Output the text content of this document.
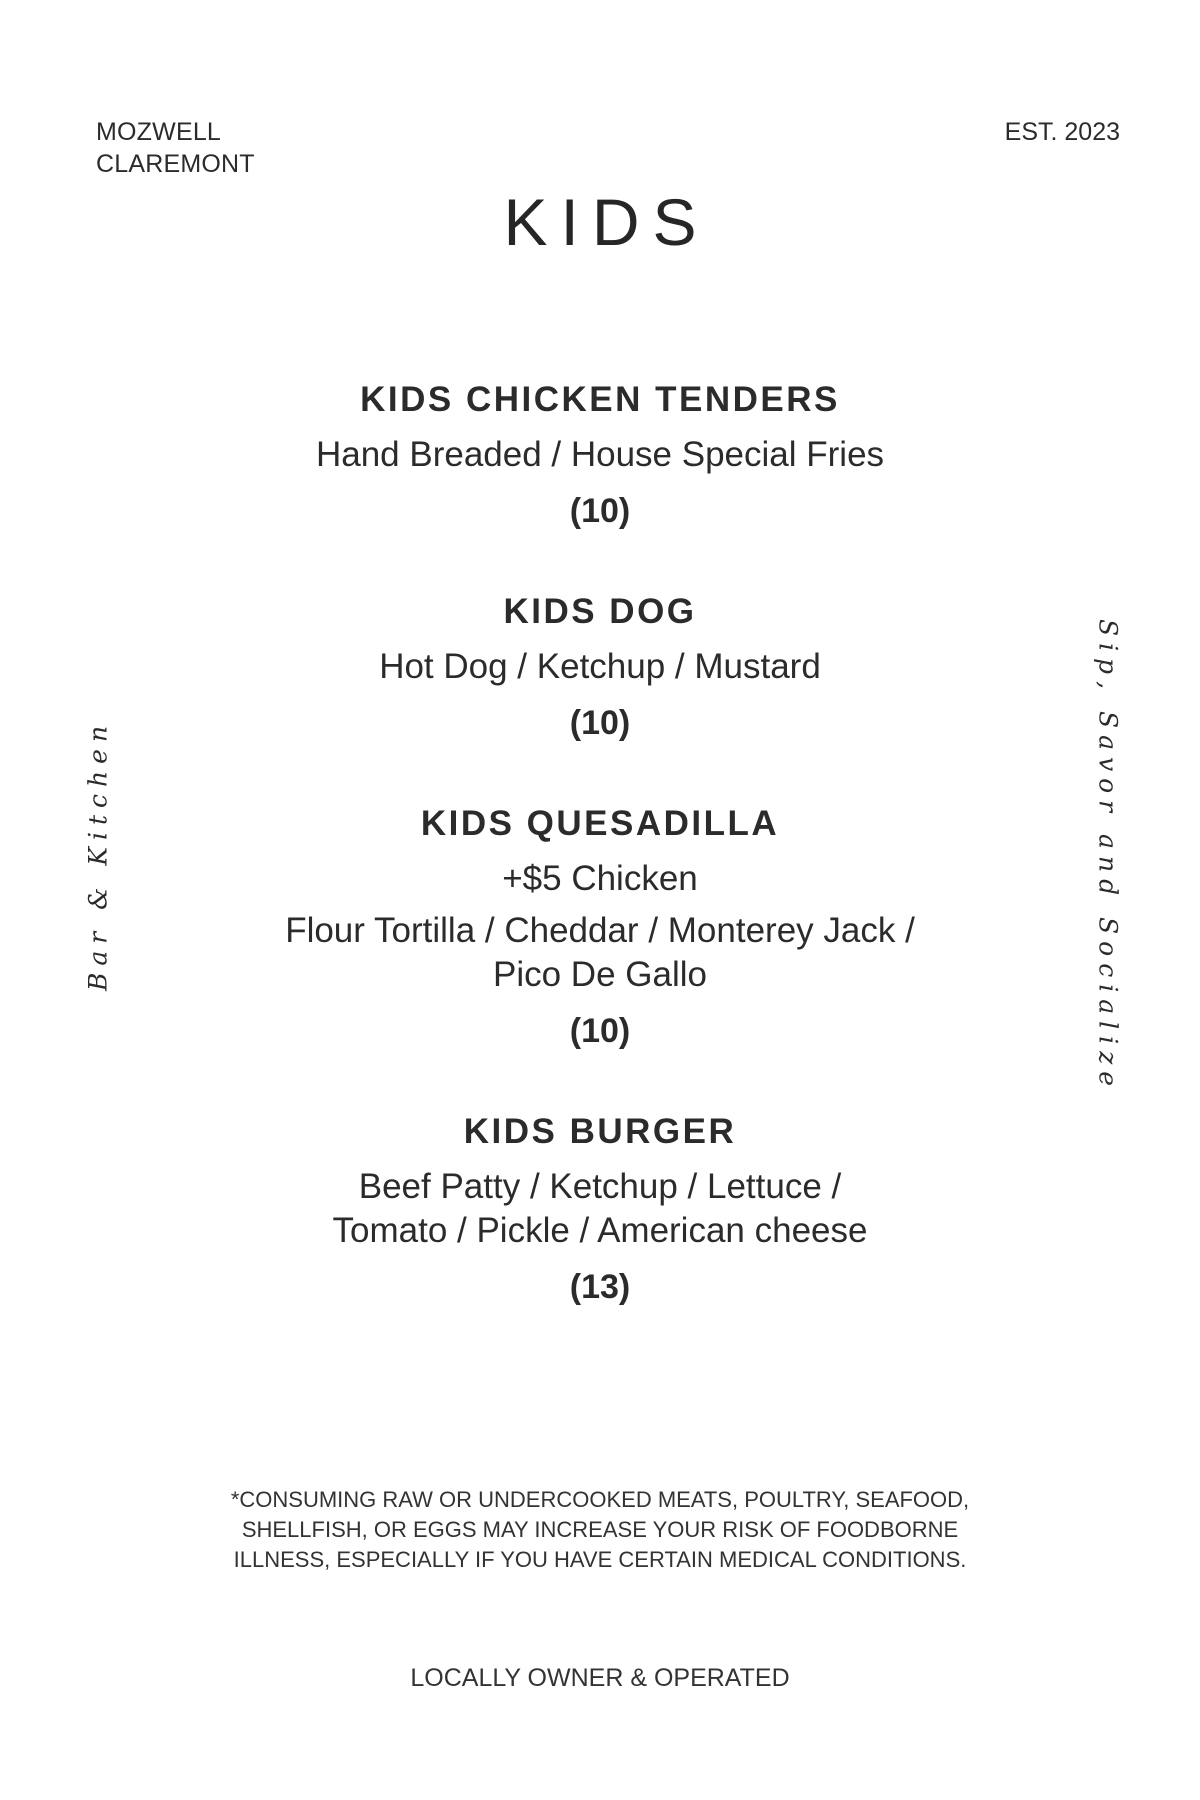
MOZWELL
CLAREMONT
EST. 2023
KIDS
Bar & Kitchen	Sip, Savor and Socialize
KIDS CHICKEN TENDERS
Hand Breaded / House Special Fries
(10)
KIDS DOG
Hot Dog / Ketchup / Mustard
(10)
KIDS QUESADILLA
+$5 Chicken
Flour Tortilla / Cheddar / Monterey Jack /
Pico De Gallo
(10)
KIDS BURGER
Beef Patty / Ketchup / Lettuce /
Tomato / Pickle / American cheese
(13)
*CONSUMING RAW OR UNDERCOOKED MEATS, POULTRY, SEAFOOD,
SHELLFISH, OR EGGS MAY INCREASE YOUR RISK OF FOODBORNE
ILLNESS, ESPECIALLY IF YOU HAVE CERTAIN MEDICAL CONDITIONS.
LOCALLY OWNER & OPERATED
